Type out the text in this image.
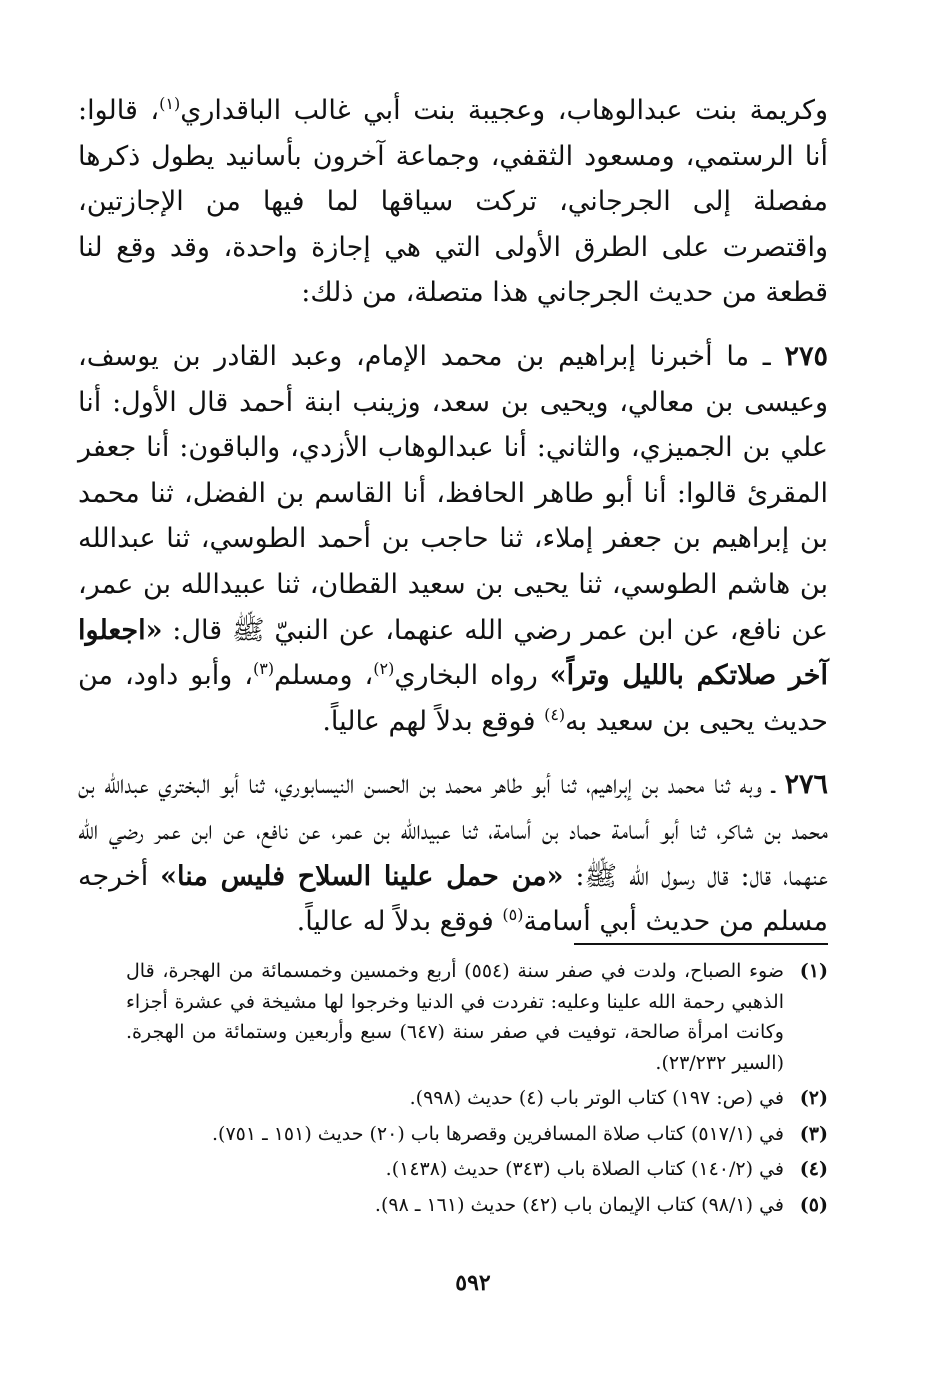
وكريمة بنت عبدالوهاب، وعجيبة بنت أبي غالب الباقداري$^{(١)}$، قالوا: أنا الرستمي، ومسعود الثقفي، وجماعة آخرون بأسانيد يطول ذكرها مفصلة إلى الجرجاني، تركت سياقها لما فيها من الإجازتين، واقتصرت على الطرق الأولى التي هي إجازة واحدة، وقد وقع لنا قطعة من حديث الجرجاني هذا متصلة، من ذلك:

٢٧٥ ـ ما أخبرنا إبراهيم بن محمد الإمام، وعبد القادر بن يوسف، وعيسى بن معالي، ويحيى بن سعد، وزينب ابنة أحمد قال الأول: أنا علي بن الجميزي، والثاني: أنا عبدالوهاب الأزدي، والباقون: أنا جعفر المقرئ قالوا: أنا أبو طاهر الحافظ، أنا القاسم بن الفضل، ثنا محمد بن إبراهيم بن جعفر إملاء، ثنا حاجب بن أحمد الطوسي، ثنا عبدالله بن هاشم الطوسي، ثنا يحيى بن سعيد القطان، ثنا عبيدالله بن عمر، عن نافع، عن ابن عمر رضي الله عنهما، عن النبيّ ﷺ قال: «اجعلوا آخر صلاتكم بالليل وتراً» رواه البخاري$^{(٢)}$، ومسلم$^{(٣)}$، وأبو داود، من حديث يحيى بن سعيد به$^{(٤)}$ فوقع بدلاً لهم عالياً.

٢٧٦ ـ وبه ثنا محمد بن إبراهيم، ثنا أبو طاهر محمد بن الحسن النيسابوري، ثنا أبو البختري عبدالله بن محمد بن شاكر، ثنا أبو أسامة حماد بن أسامة، ثنا عبيدالله بن عمر، عن نافع، عن ابن عمر رضي الله عنهما، قال: قال رسول الله ﷺ: «من حمل علينا السلاح فليس منا» أخرجه مسلم من حديث أبي أسامة$^{(٥)}$ فوقع بدلاً له عالياً.

(١)
ضوء الصباح، ولدت في صفر سنة (٥٥٤) أربع وخمسين وخمسمائة من الهجرة، قال الذهبي رحمة الله علينا وعليه: تفردت في الدنيا وخرجوا لها مشيخة في عشرة أجزاء وكانت امرأة صالحة، توفيت في صفر سنة (٦٤٧) سبع وأربعين وستمائة من الهجرة. (السير ٢٣/٢٣٢).
(٢)
في (ص: ١٩٧) كتاب الوتر باب (٤) حديث (٩٩٨).
(٣)
في (٥١٧/١) كتاب صلاة المسافرين وقصرها باب (٢٠) حديث (١٥١ ـ ٧٥١).
(٤)
في (١٤٠/٢) كتاب الصلاة باب (٣٤٣) حديث (١٤٣٨).
(٥)
في (٩٨/١) كتاب الإيمان باب (٤٢) حديث (١٦١ ـ ٩٨).
٥٩٢
